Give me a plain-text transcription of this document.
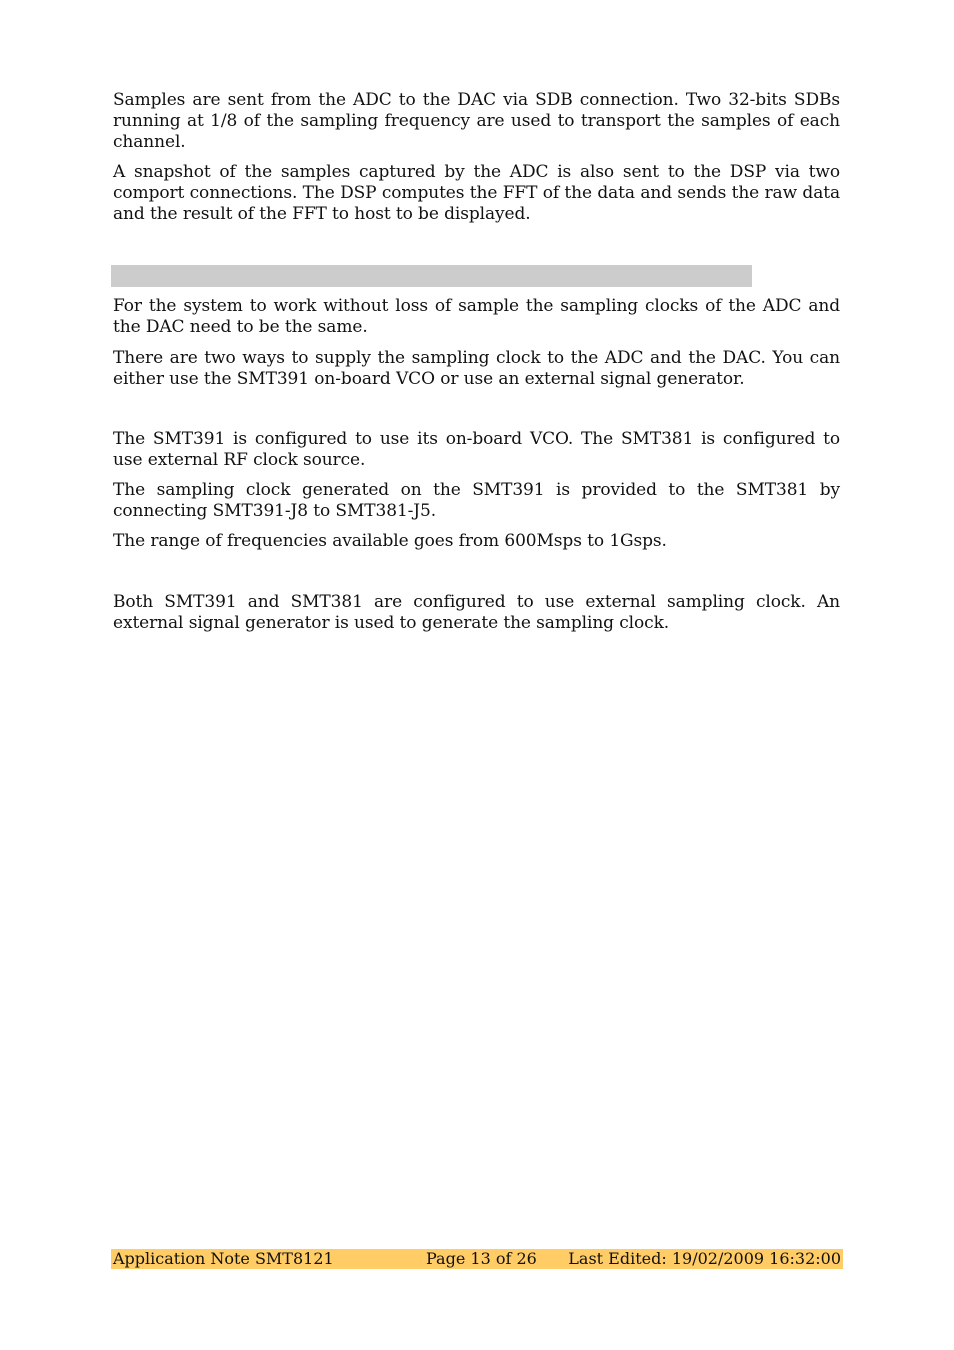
Samples are sent from the ADC to the DAC via SDB connection. Two 32-bits SDBs running at 1/8 of the sampling frequency are used to transport the samples of each channel.

A snapshot of the samples captured by the ADC is also sent to the DSP via two comport connections. The DSP computes the FFT of the data and sends the raw data and the result of the FFT to host to be displayed.

For the system to work without loss of sample the sampling clocks of the ADC and the DAC need to be the same.

There are two ways to supply the sampling clock to the ADC and the DAC. You can either use the SMT391 on-board VCO or use an external signal generator.

The SMT391 is configured to use its on-board VCO. The SMT381 is configured to use external RF clock source.

The sampling clock generated on the SMT391 is provided to the SMT381 by connecting SMT391-J8 to SMT381-J5.

The range of frequencies available goes from 600Msps to 1Gsps.

Both SMT391 and SMT381 are configured to use external sampling clock. An external signal generator is used to generate the sampling clock.

Application Note SMT8121	Page 13 of 26 Last Edited: 19/02/2009 16:32:00
